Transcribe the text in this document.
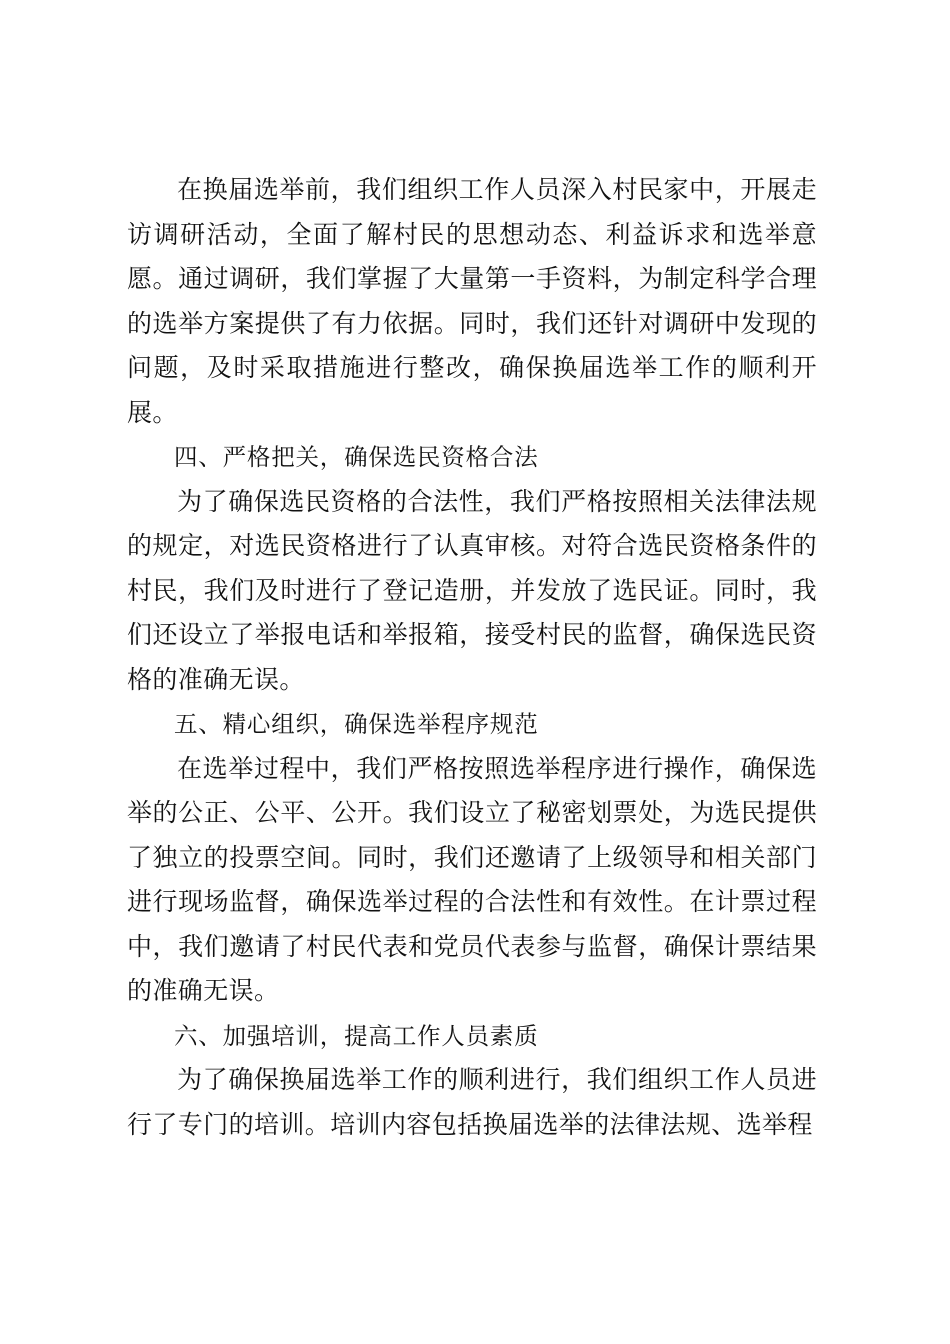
在换届选举前，我们组织工作人员深入村民家中，开展走访调研活动，全面了解村民的思想动态、利益诉求和选举意愿。通过调研，我们掌握了大量第一手资料，为制定科学合理的选举方案提供了有力依据。同时，我们还针对调研中发现的问题，及时采取措施进行整改，确保换届选举工作的顺利开展。

四、严格把关，确保选民资格合法

为了确保选民资格的合法性，我们严格按照相关法律法规的规定，对选民资格进行了认真审核。对符合选民资格条件的村民，我们及时进行了登记造册，并发放了选民证。同时，我们还设立了举报电话和举报箱，接受村民的监督，确保选民资格的准确无误。

五、精心组织，确保选举程序规范

在选举过程中，我们严格按照选举程序进行操作，确保选举的公正、公平、公开。我们设立了秘密划票处，为选民提供了独立的投票空间。同时，我们还邀请了上级领导和相关部门进行现场监督，确保选举过程的合法性和有效性。在计票过程中，我们邀请了村民代表和党员代表参与监督，确保计票结果的准确无误。

六、加强培训，提高工作人员素质

为了确保换届选举工作的顺利进行，我们组织工作人员进行了专门的培训。培训内容包括换届选举的法律法规、选举程
